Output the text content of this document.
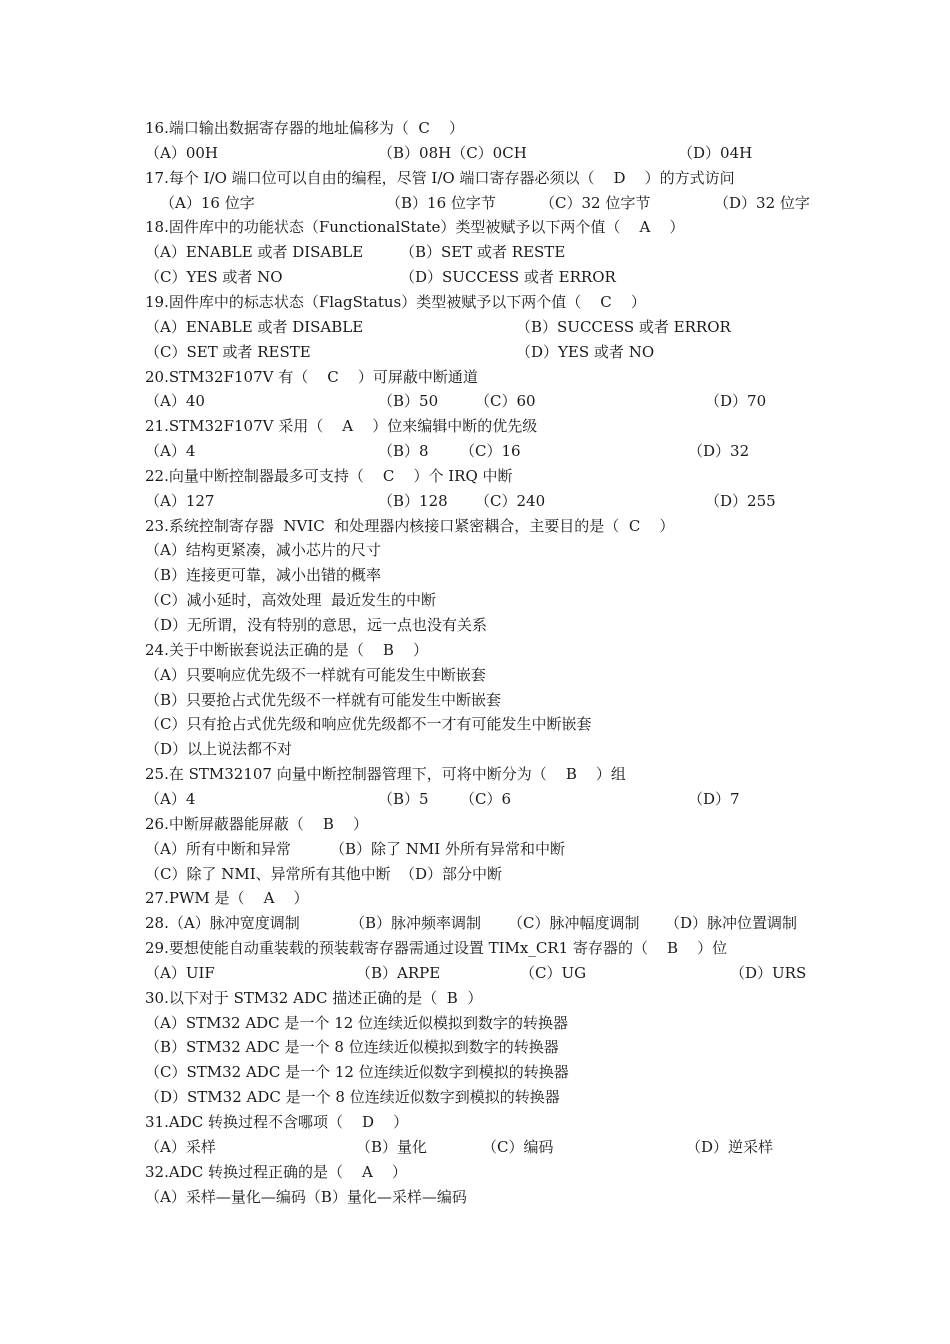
16.端口输出数据寄存器的地址偏移为（  C    ）
（A）00H	（B）08H（C）0CH	（D）04H
17.每个 I/O 端口位可以自由的编程，尽管 I/O 端口寄存器必须以（    D    ）的方式访问
（A）16 位字	（B）16 位字节	（C）32 位字节	（D）32 位字
18.固件库中的功能状态（FunctionalState）类型被赋予以下两个值（    A    ）
（A）ENABLE 或者 DISABLE （B）SET 或者 RESTE
（C）YES 或者 NO	（D）SUCCESS 或者 ERROR
19.固件库中的标志状态（FlagStatus）类型被赋予以下两个值（    C    ）
（A）ENABLE 或者 DISABLE	（B）SUCCESS 或者 ERROR
（C）SET 或者 RESTE	（D）YES 或者 NO
20.STM32F107V 有（    C    ）可屏蔽中断通道
（A）40	（B）50 （C）60	（D）70
21.STM32F107V 采用（    A    ）位来编辑中断的优先级
（A）4	（B）8 （C）16	（D）32
22.向量中断控制器最多可支持（    C    ）个 IRQ 中断
（A）127	（B）128 （C）240	（D）255
23.系统控制寄存器  NVIC  和处理器内核接口紧密耦合，主要目的是（  C    ）
（A）结构更紧凑，减小芯片的尺寸
（B）连接更可靠，减小出错的概率
（C）减小延时，高效处理  最近发生的中断
（D）无所谓，没有特别的意思，远一点也没有关系
24.关于中断嵌套说法正确的是（    B    ）
（A）只要响应优先级不一样就有可能发生中断嵌套
（B）只要抢占式优先级不一样就有可能发生中断嵌套
（C）只有抢占式优先级和响应优先级都不一才有可能发生中断嵌套
（D）以上说法都不对
25.在 STM32107 向量中断控制器管理下，可将中断分为（    B    ）组
（A）4	（B）5 （C）6	（D）7
26.中断屏蔽器能屏蔽（    B    ）
（A）所有中断和异常	（B）除了 NMI 外所有异常和中断
（C）除了 NMI、异常所有其他中断 （D）部分中断
27.PWM 是（    A    ）
28.（A）脉冲宽度调制	（B）脉冲频率调制 （C）脉冲幅度调制 （D）脉冲位置调制
29.要想使能自动重装载的预装载寄存器需通过设置 TIMx_CR1 寄存器的（    B    ）位
（A）UIF	（B）ARPE	（C）UG	（D）URS
30.以下对于 STM32 ADC 描述正确的是（  B  ）
（A）STM32 ADC 是一个 12 位连续近似模拟到数字的转换器
（B）STM32 ADC 是一个 8 位连续近似模拟到数字的转换器
（C）STM32 ADC 是一个 12 位连续近似数字到模拟的转换器
（D）STM32 ADC 是一个 8 位连续近似数字到模拟的转换器
31.ADC 转换过程不含哪项（    D    ）
（A）采样	（B）量化	（C）编码	（D）逆采样
32.ADC 转换过程正确的是（    A    ）
（A）采样—量化—编码（B）量化—采样—编码
